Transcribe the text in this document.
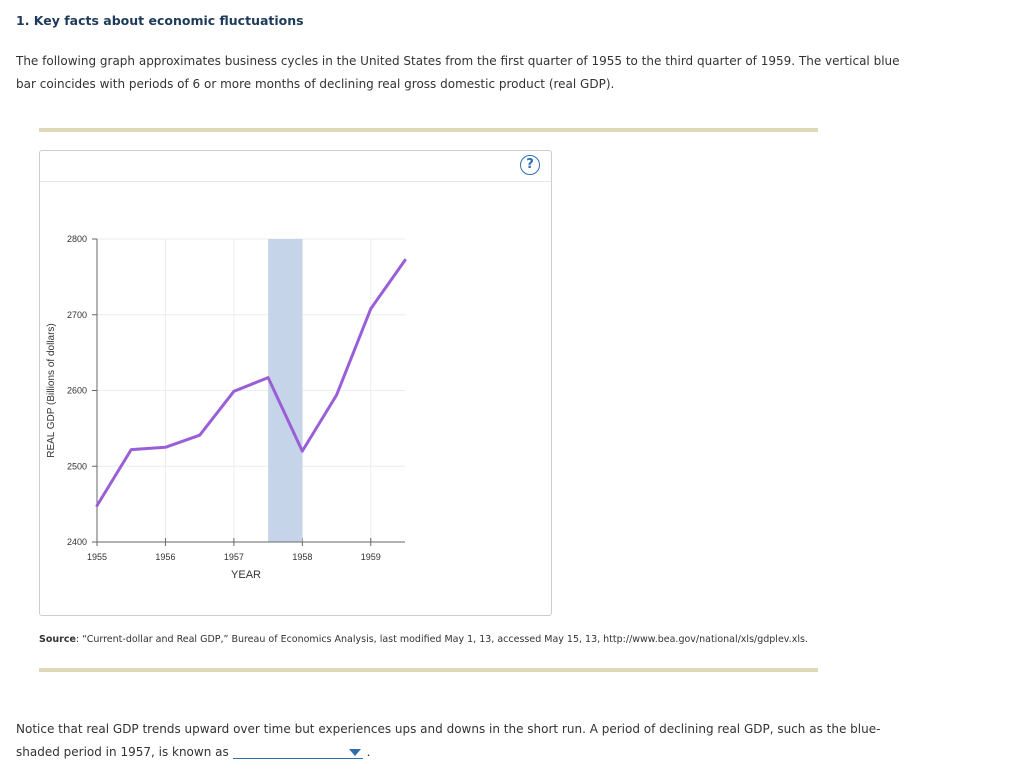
1. Key facts about economic fluctuations
The following graph approximates business cycles in the United States from the first quarter of 1955 to the third quarter of 1959. The vertical blue bar coincides with periods of 6 or more months of declining real gross domestic product (real GDP).
?
2400
2500
2600
2700
2800
1955	1956	1957	1958	1959
YEAR
REAL GDP (Billions of dollars)
Source: “Current-dollar and Real GDP,” Bureau of Economics Analysis, last modified May 1, 13, accessed May 15, 13, http://www.bea.gov/national/xls/gdplev.xls.
Notice that real GDP trends upward over time but experiences ups and downs in the short run. A period of declining real GDP, such as the blue-shaded period in 1957, is known as	.
